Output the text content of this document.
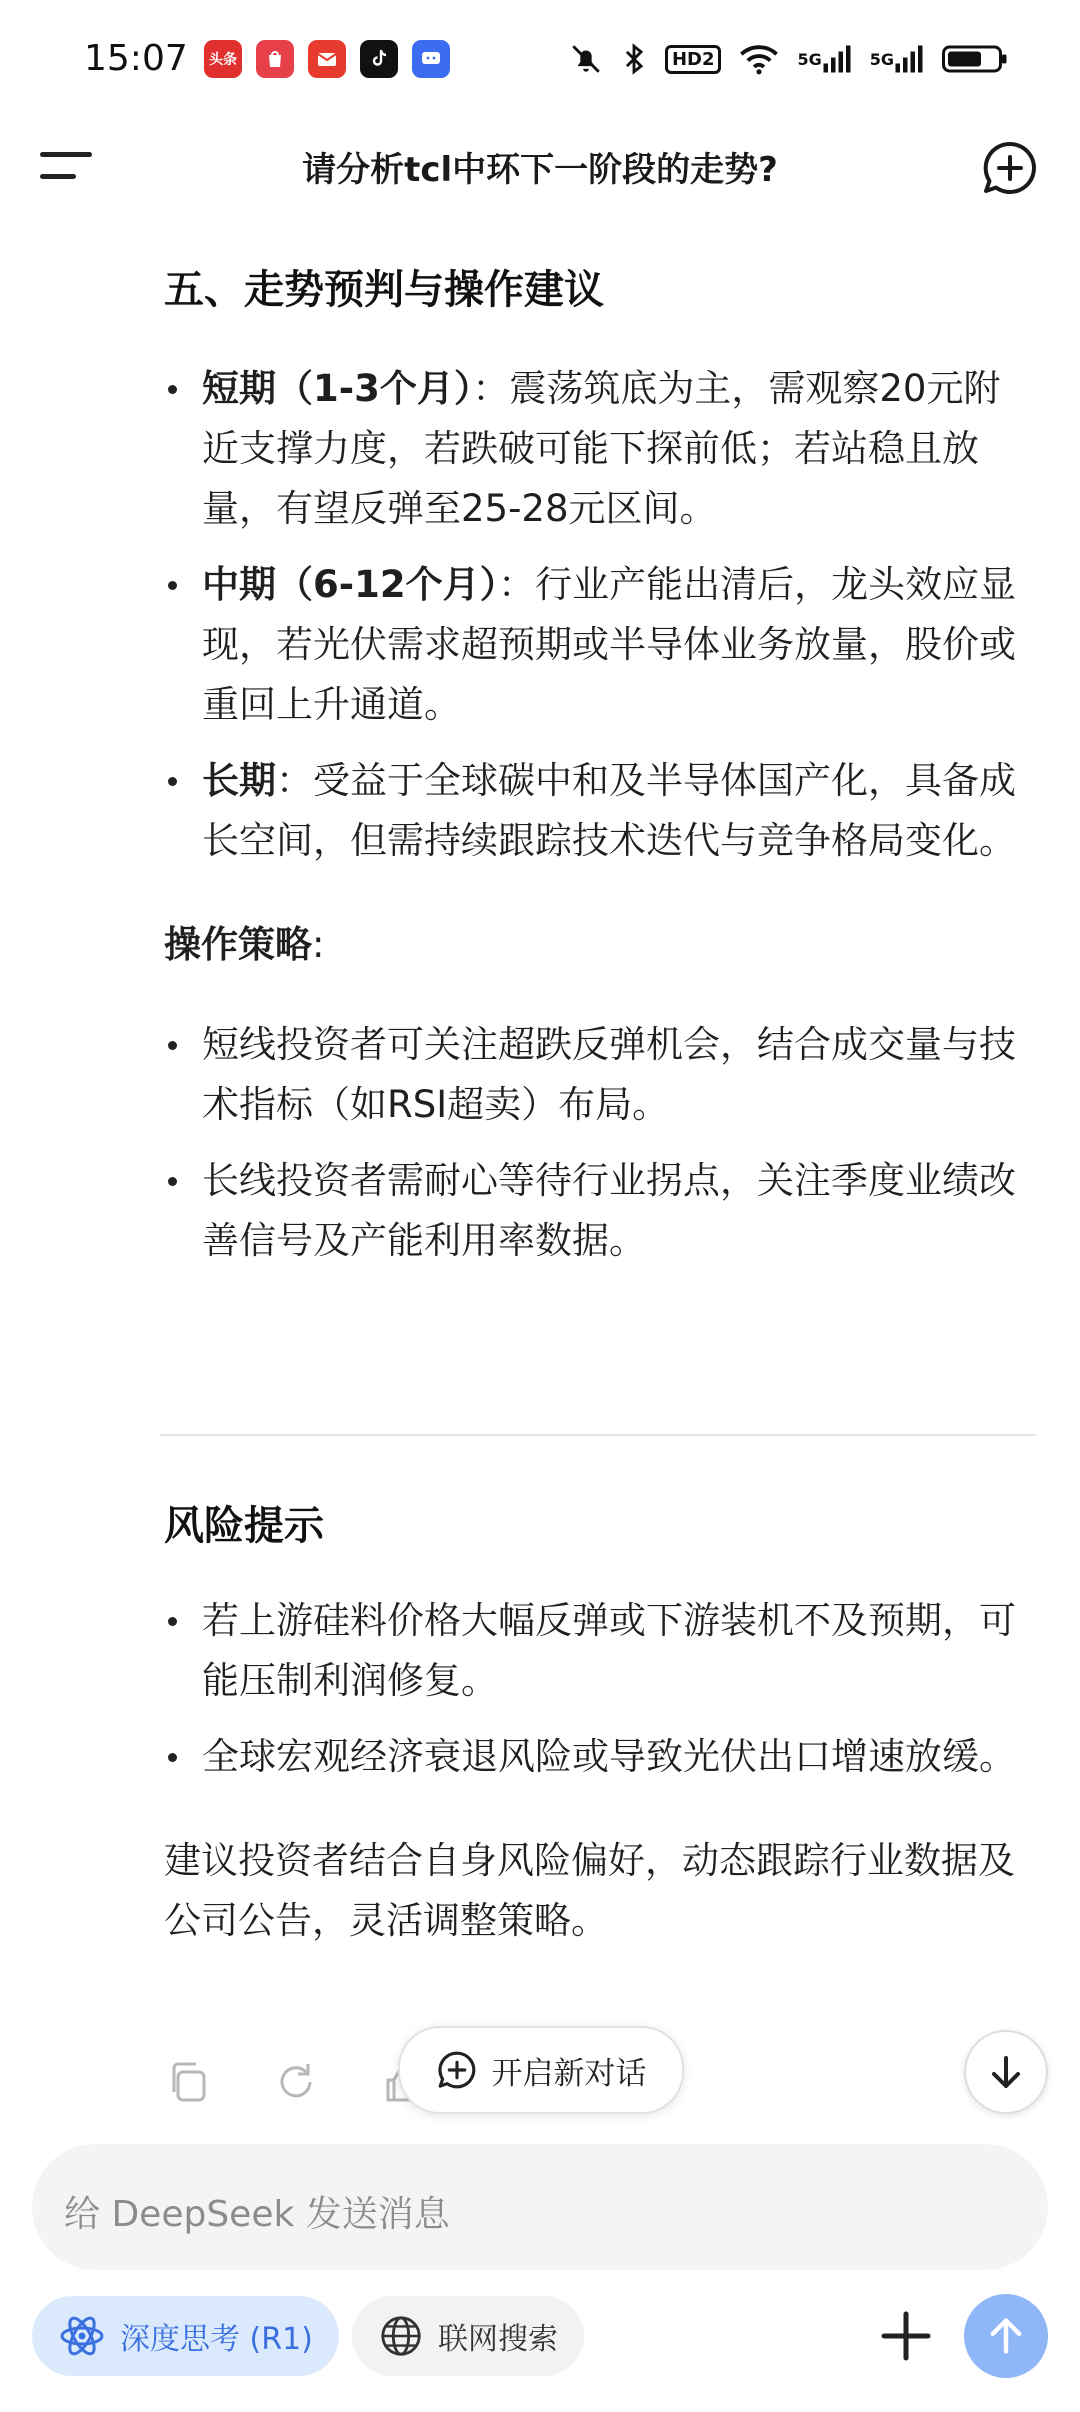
15:07 头条	HD2	5G	5G
请分析tcl中环下一阶段的走势?
五、走势预判与操作建议
短期（1-3个月）：震荡筑底为主，需观察20元附近支撑力度，若跌破可能下探前低；若站稳且放量，有望反弹至25-28元区间。
中期（6-12个月）：行业产能出清后，龙头效应显现，若光伏需求超预期或半导体业务放量，股价或重回上升通道。
长期：受益于全球碳中和及半导体国产化，具备成长空间，但需持续跟踪技术迭代与竞争格局变化。
操作策略:
短线投资者可关注超跌反弹机会，结合成交量与技术指标（如RSI超卖）布局。
长线投资者需耐心等待行业拐点，关注季度业绩改善信号及产能利用率数据。
风险提示
若上游硅料价格大幅反弹或下游装机不及预期，可能压制利润修复。
全球宏观经济衰退风险或导致光伏出口增速放缓。
建议投资者结合自身风险偏好，动态跟踪行业数据及公司公告，灵活调整策略。
开启新对话
给 DeepSeek 发送消息
深度思考 (R1)	联网搜索
